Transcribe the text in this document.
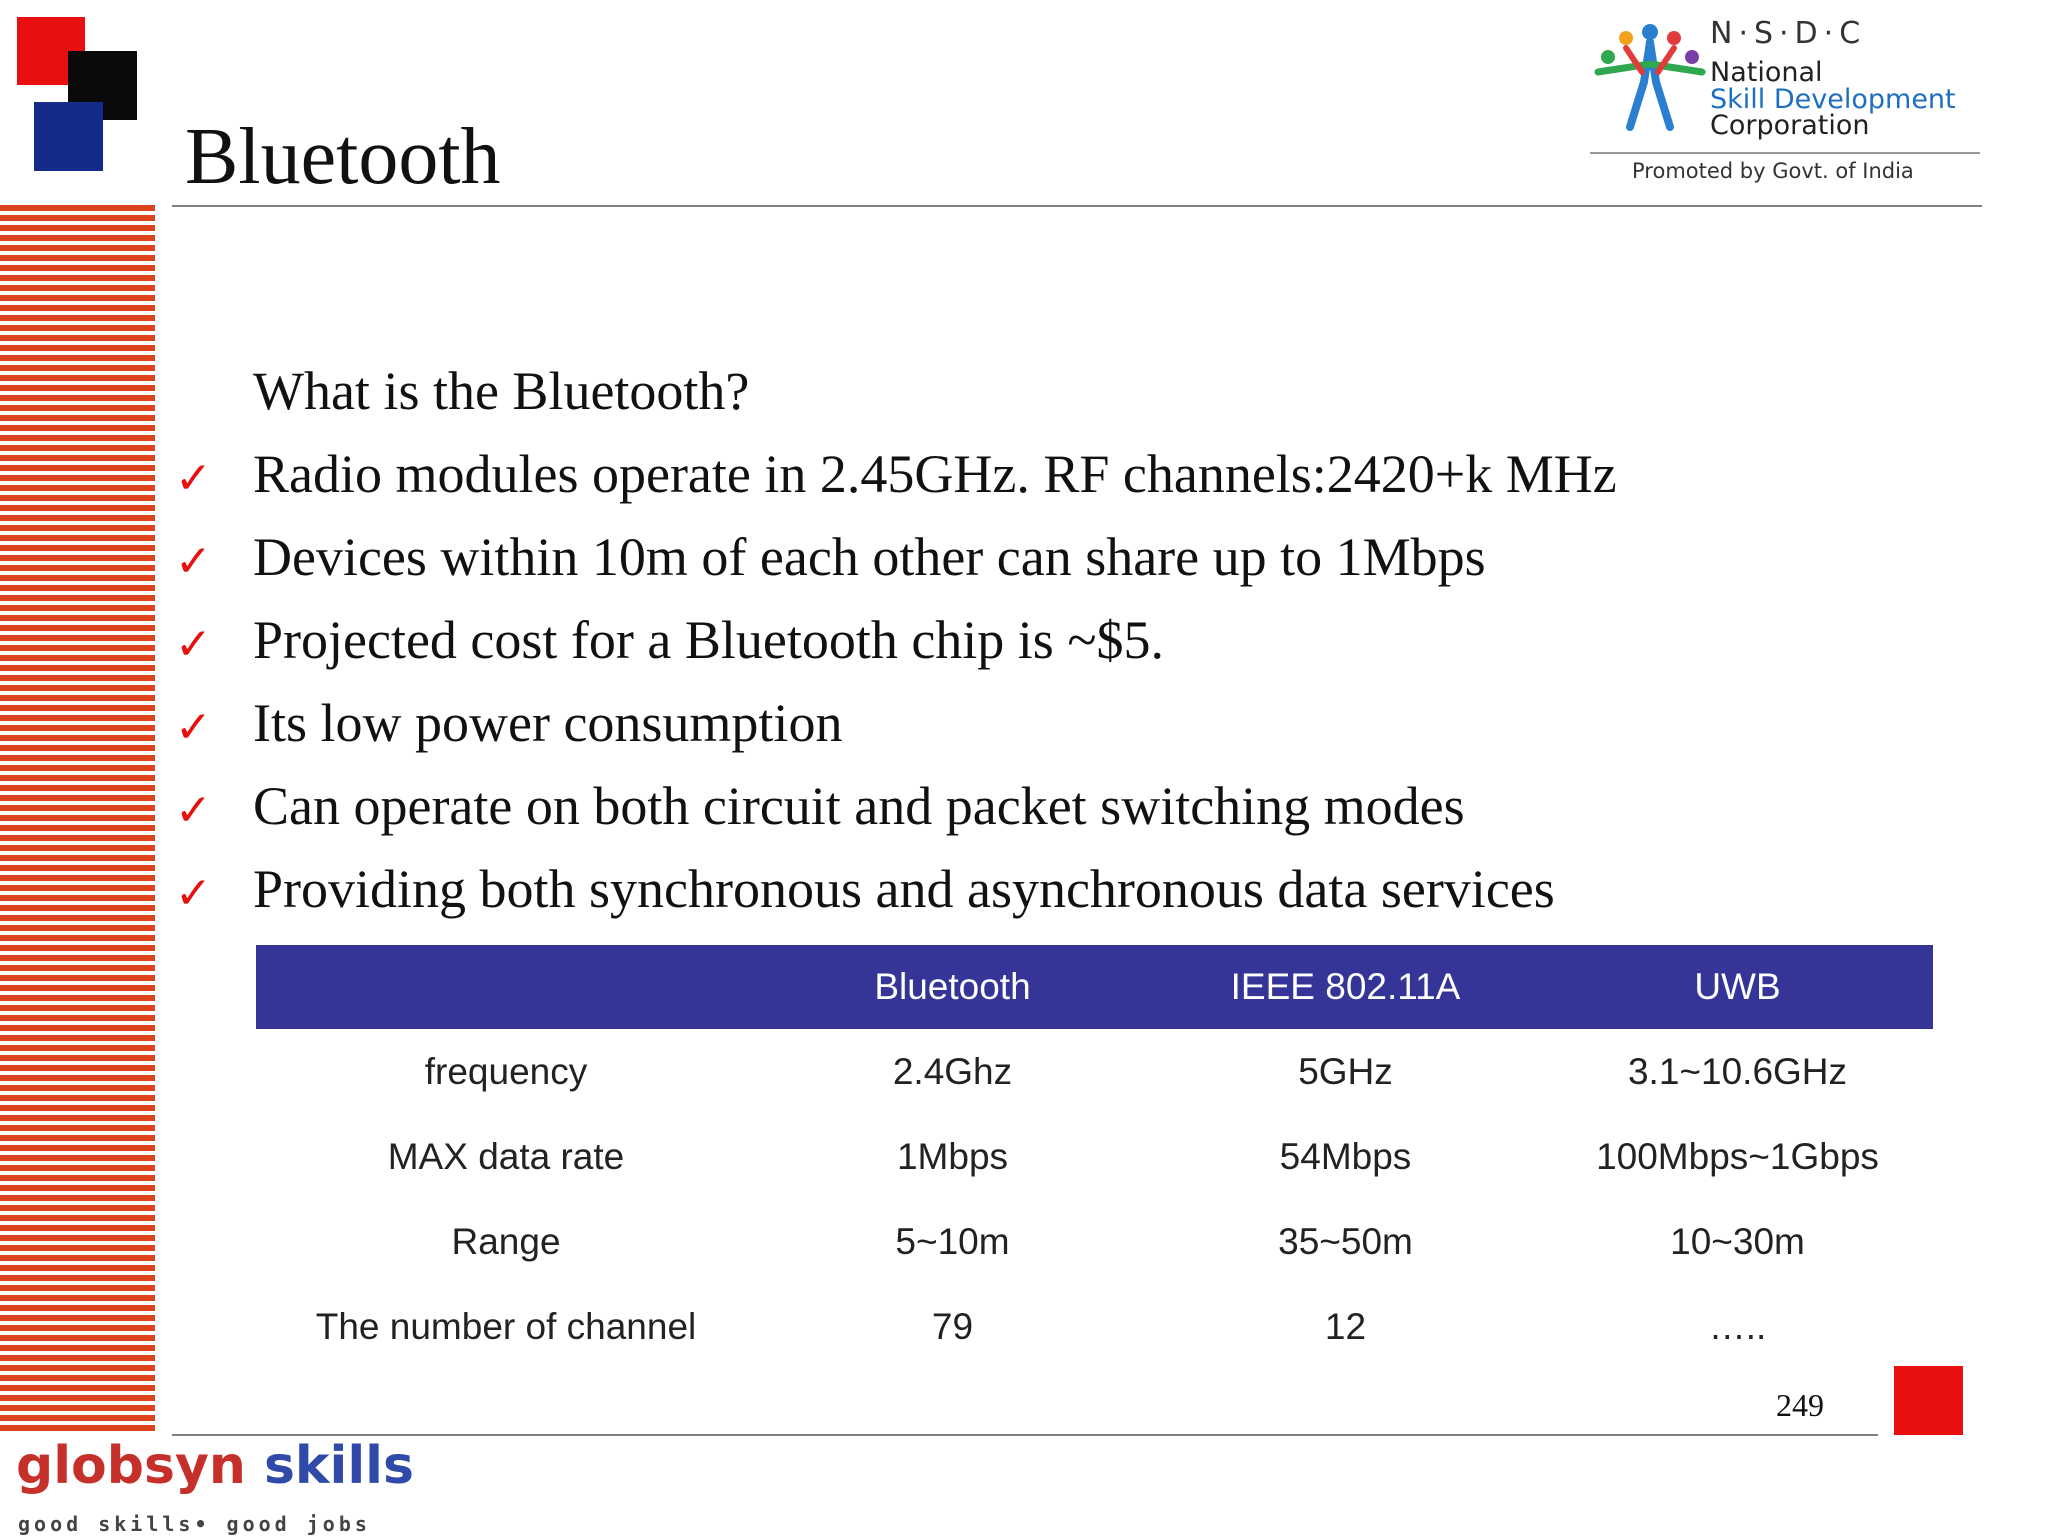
Bluetooth
N·S·D·C
National
Skill Development
Corporation
Promoted by Govt. of India
What is the Bluetooth?
✓ Radio modules operate in 2.45GHz. RF channels:2420+k MHz
✓ Devices within 10m of each other can share up to 1Mbps
✓ Projected cost for a Bluetooth chip is ~$5.
✓ Its low power consumption
✓ Can operate on both circuit and packet switching modes
✓ Providing both synchronous and asynchronous data services
	Bluetooth	IEEE 802.11A	UWB
frequency	2.4Ghz	5GHz	3.1~10.6GHz
MAX data rate	1Mbps	54Mbps	100Mbps~1Gbps
Range	5~10m	35~50m	10~30m
The number of channel	79	12	…..
249
globsyn skills
good skills• good jobs
